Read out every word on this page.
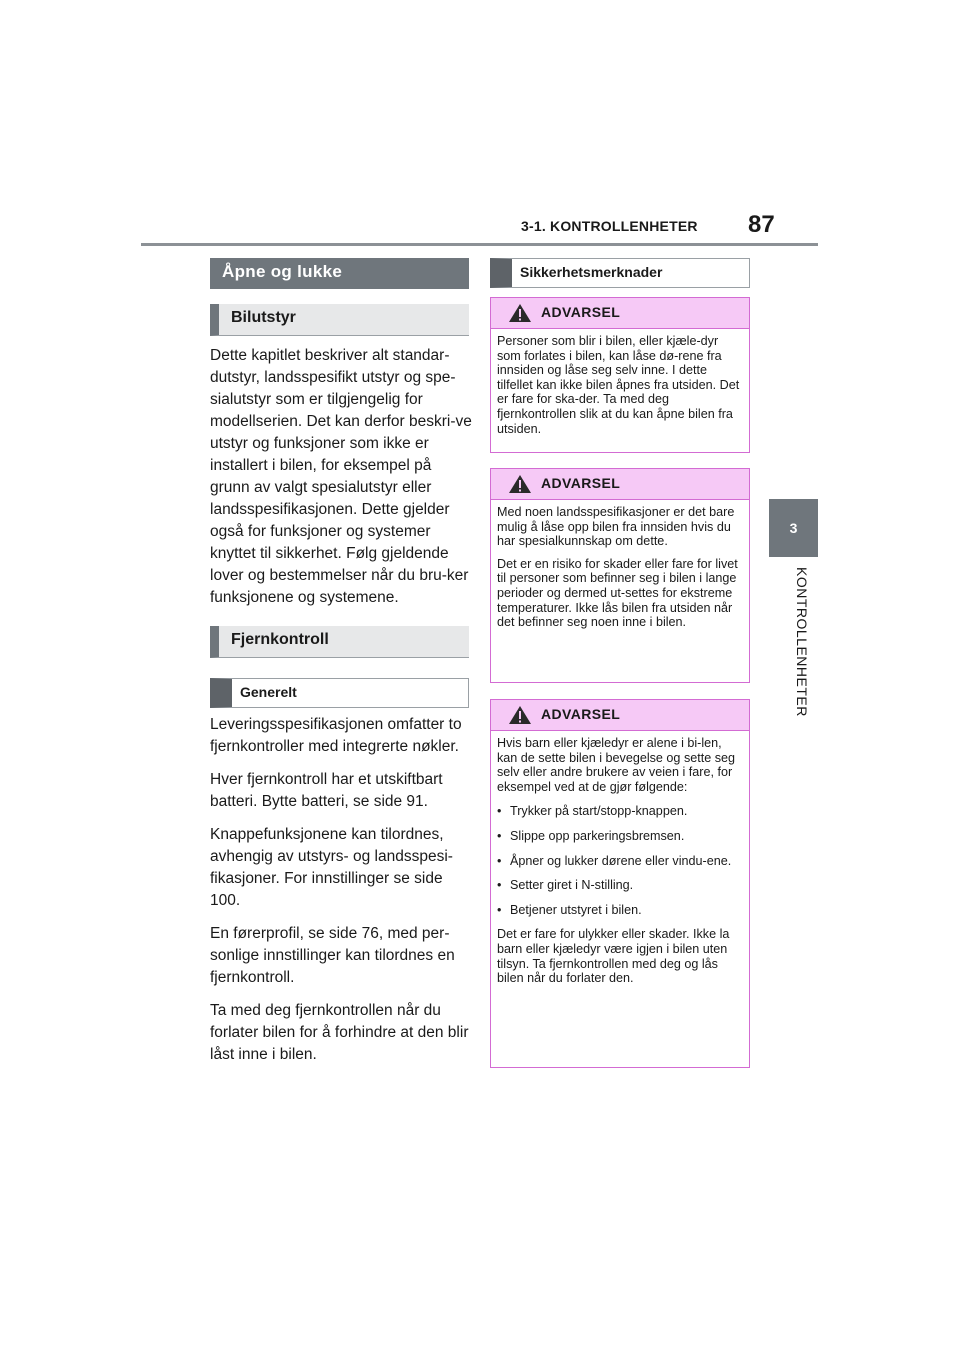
3-1. KONTROLLENHETER 87
3
KONTROLLENHETER
Åpne og lukke
Bilutstyr

Dette kapitlet beskriver alt standar-dutstyr, landsspesifikt utstyr og spe-sialutstyr som er tilgjengelig for modellserien. Det kan derfor beskri-ve utstyr og funksjoner som ikke er installert i bilen, for eksempel på grunn av valgt spesialutstyr eller landsspesifikasjonen. Dette gjelder også for funksjoner og systemer knyttet til sikkerhet. Følg gjeldende lover og bestemmelser når du bru-ker funksjonene og systemene.

Fjernkontroll
Generelt

Leveringsspesifikasjonen omfatter to fjernkontroller med integrerte nøkler.

Hver fjernkontroll har et utskiftbart batteri. Bytte batteri, se side 91.

Knappefunksjonene kan tilordnes, avhengig av utstyrs- og landsspesi-fikasjoner. For innstillinger se side 100.

En førerprofil, se side 76, med per-sonlige innstillinger kan tilordnes en fjernkontroll.

Ta med deg fjernkontrollen når du forlater bilen for å forhindre at den blir låst inne i bilen.

Sikkerhetsmerknader
ADVARSEL

Personer som blir i bilen, eller kjæle-dyr som forlates i bilen, kan låse dø-rene fra innsiden og låse seg selv inne. I dette tilfellet kan ikke bilen åpnes fra utsiden. Det er fare for ska-der. Ta med deg fjernkontrollen slik at du kan åpne bilen fra utsiden.

ADVARSEL

Med noen landsspesifikasjoner er det bare mulig å låse opp bilen fra innsiden hvis du har spesialkunnskap om dette.

Det er en risiko for skader eller fare for livet til personer som befinner seg i bilen i lange perioder og dermed ut-settes for ekstreme temperaturer. Ikke lås bilen fra utsiden når det befinner seg noen inne i bilen.

ADVARSEL

Hvis barn eller kjæledyr er alene i bi-len, kan de sette bilen i bevegelse og sette seg selv eller andre brukere av veien i fare, for eksempel ved at de gjør følgende:

• Trykker på start/stopp-knappen.

• Slippe opp parkeringsbremsen.

• Åpner og lukker dørene eller vindu-ene.

• Setter giret i N-stilling.

• Betjener utstyret i bilen.

Det er fare for ulykker eller skader. Ikke la barn eller kjæledyr være igjen i bilen uten tilsyn. Ta fjernkontrollen med deg og lås bilen når du forlater den.
